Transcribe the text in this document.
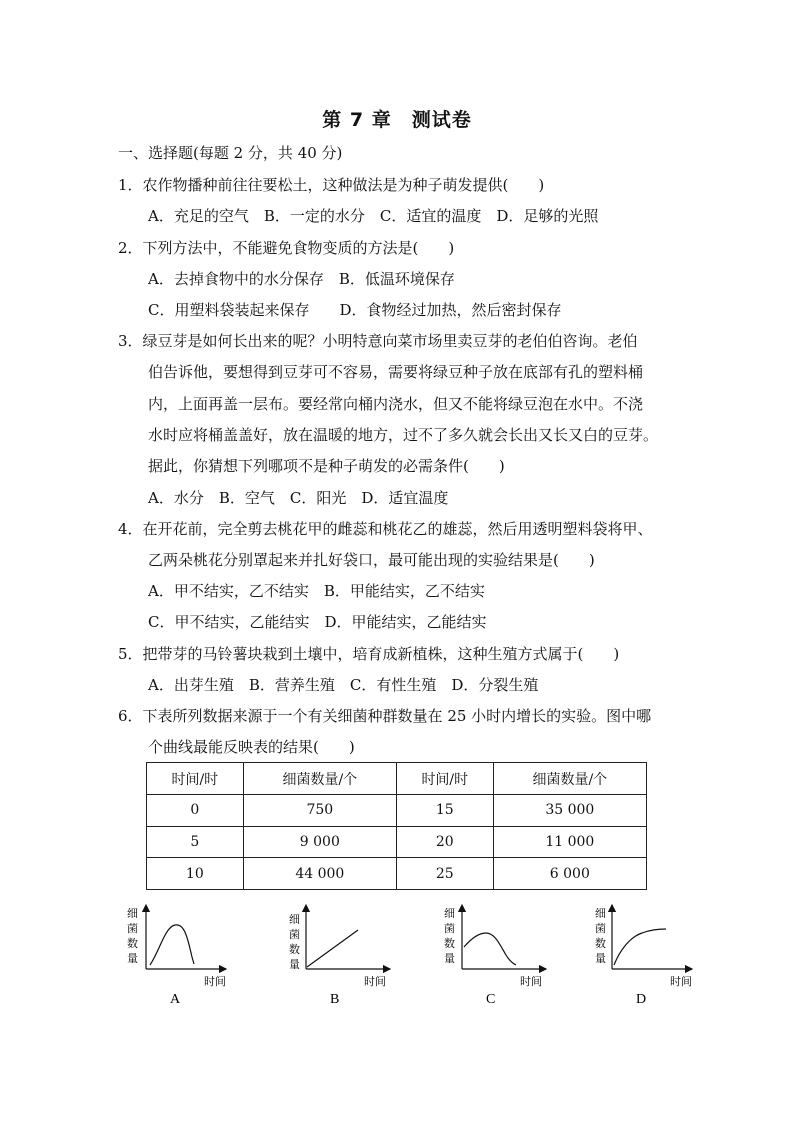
第 7 章　测试卷
一、选择题(每题 2 分，共 40 分)
1．农作物播种前往往要松土，这种做法是为种子萌发提供(　　)
A．充足的空气　B．一定的水分　C．适宜的温度　D．足够的光照
2．下列方法中，不能避免食物变质的方法是(　　)
A．去掉食物中的水分保存　B．低温环境保存
C．用塑料袋装起来保存　　D．食物经过加热，然后密封保存
3．绿豆芽是如何长出来的呢？小明特意向菜市场里卖豆芽的老伯伯咨询。老伯
伯告诉他，要想得到豆芽可不容易，需要将绿豆种子放在底部有孔的塑料桶
内，上面再盖一层布。要经常向桶内浇水，但又不能将绿豆泡在水中。不浇
水时应将桶盖盖好，放在温暖的地方，过不了多久就会长出又长又白的豆芽。
据此，你猜想下列哪项不是种子萌发的必需条件(　　)
A．水分　B．空气　C．阳光　D．适宜温度
4．在开花前，完全剪去桃花甲的雌蕊和桃花乙的雄蕊，然后用透明塑料袋将甲、
乙两朵桃花分别罩起来并扎好袋口，最可能出现的实验结果是(　　)
A．甲不结实，乙不结实　B．甲能结实，乙不结实
C．甲不结实，乙能结实　D．甲能结实，乙能结实
5．把带芽的马铃薯块栽到土壤中，培育成新植株，这种生殖方式属于(　　)
A．出芽生殖　B．营养生殖　C．有性生殖　D．分裂生殖
6．下表所列数据来源于一个有关细菌种群数量在 25 小时内增长的实验。图中哪
个曲线最能反映表的结果(　　)
时间/时	细菌数量/个	时间/时	细菌数量/个
0	750	15	35 000
5	9 000	20	11 000
10	44 000	25	6 000
细
菌
数
量
时间
A
细
菌
数
量
时间
B
细
菌
数
量
时间
C
细
菌
数
量
时间
D
